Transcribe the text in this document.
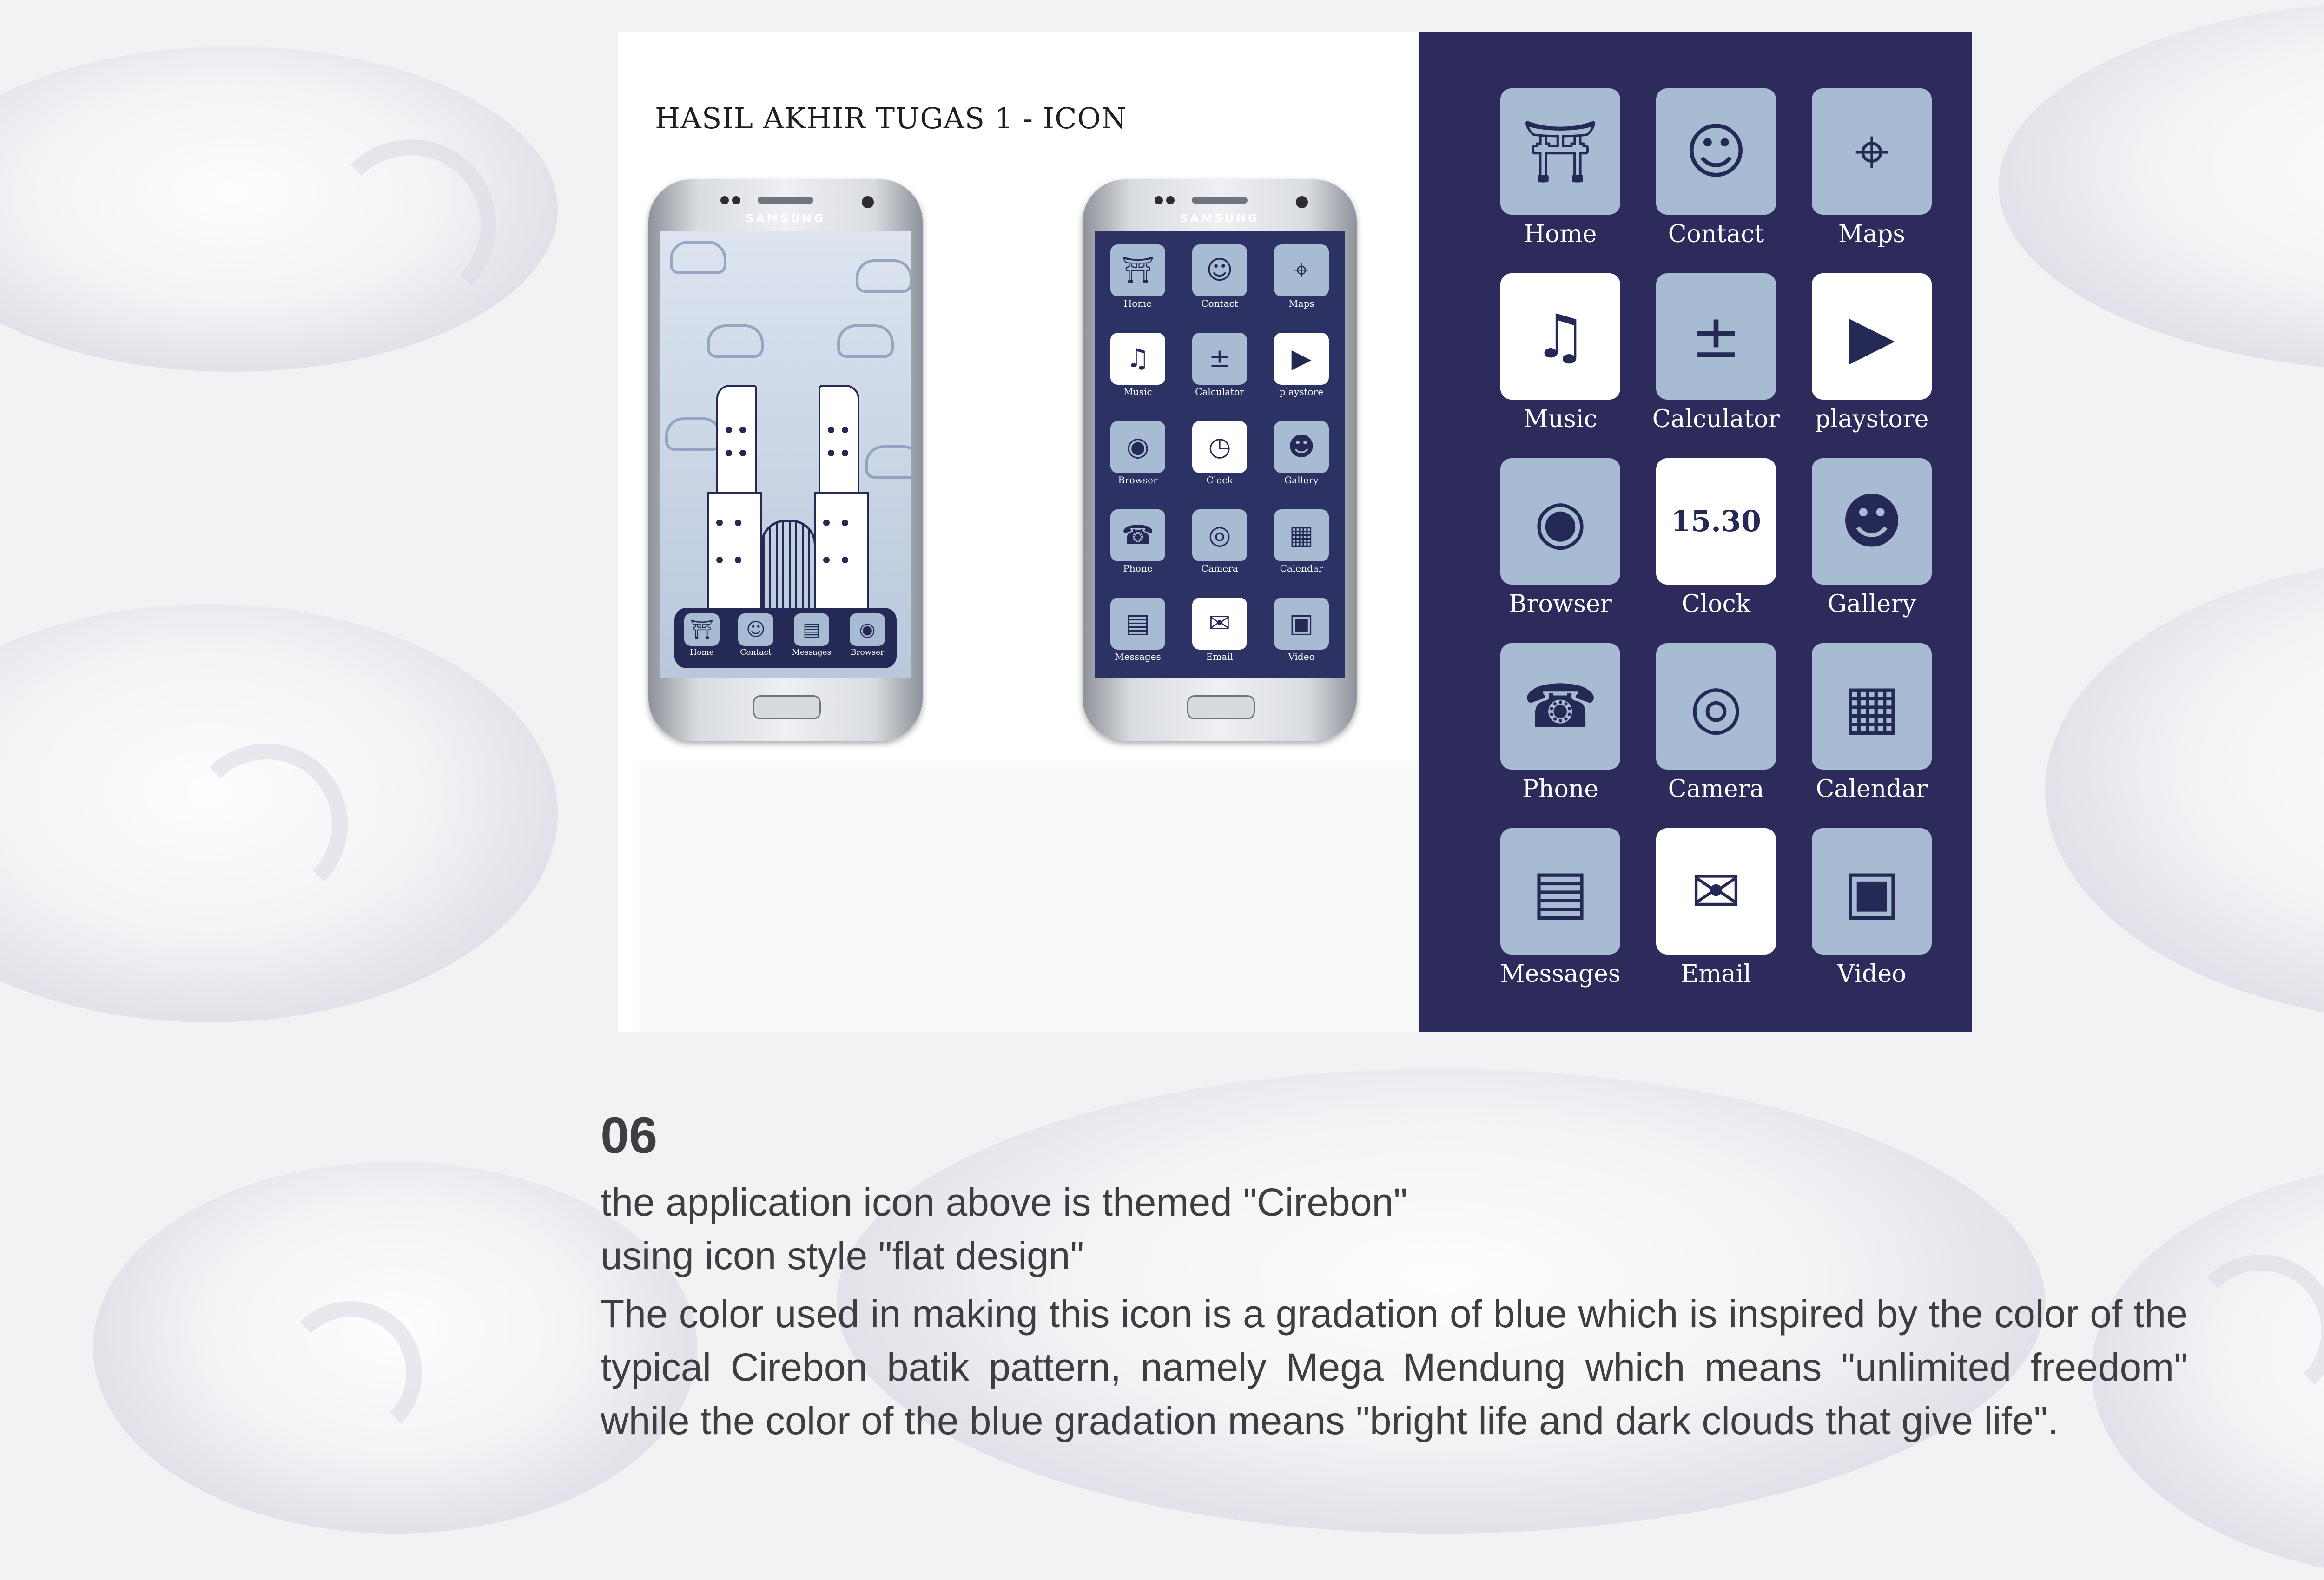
HASIL AKHIR TUGAS 1 - ICON
SAMSUNG
⛩
Home
☺
Contact
▤
Messages
◉
Browser
SAMSUNG
⛩
Home
☺
Contact
⌖
Maps
♫
Music
±
Calculator
▶
playstore
◉
Browser
◷
Clock
☻
Gallery
☎
Phone
◎
Camera
▦
Calendar
▤
Messages
✉
Email
▣
Video
⛩
Home
☺
Contact
⌖
Maps
♫
Music
±
Calculator
▶
playstore
◉
Browser
15.30
Clock
☻
Gallery
☎
Phone
◎
Camera
▦
Calendar
▤
Messages
✉
Email
▣
Video
06
the application icon above is themed "Cirebon"
using icon style "flat design"
The color used in making this icon is a gradation of blue which is inspired by the color of the typical Cirebon batik pattern, namely Mega Mendung which means "unlimited freedom" while the color of the blue gradation means "bright life and dark clouds that give life".
